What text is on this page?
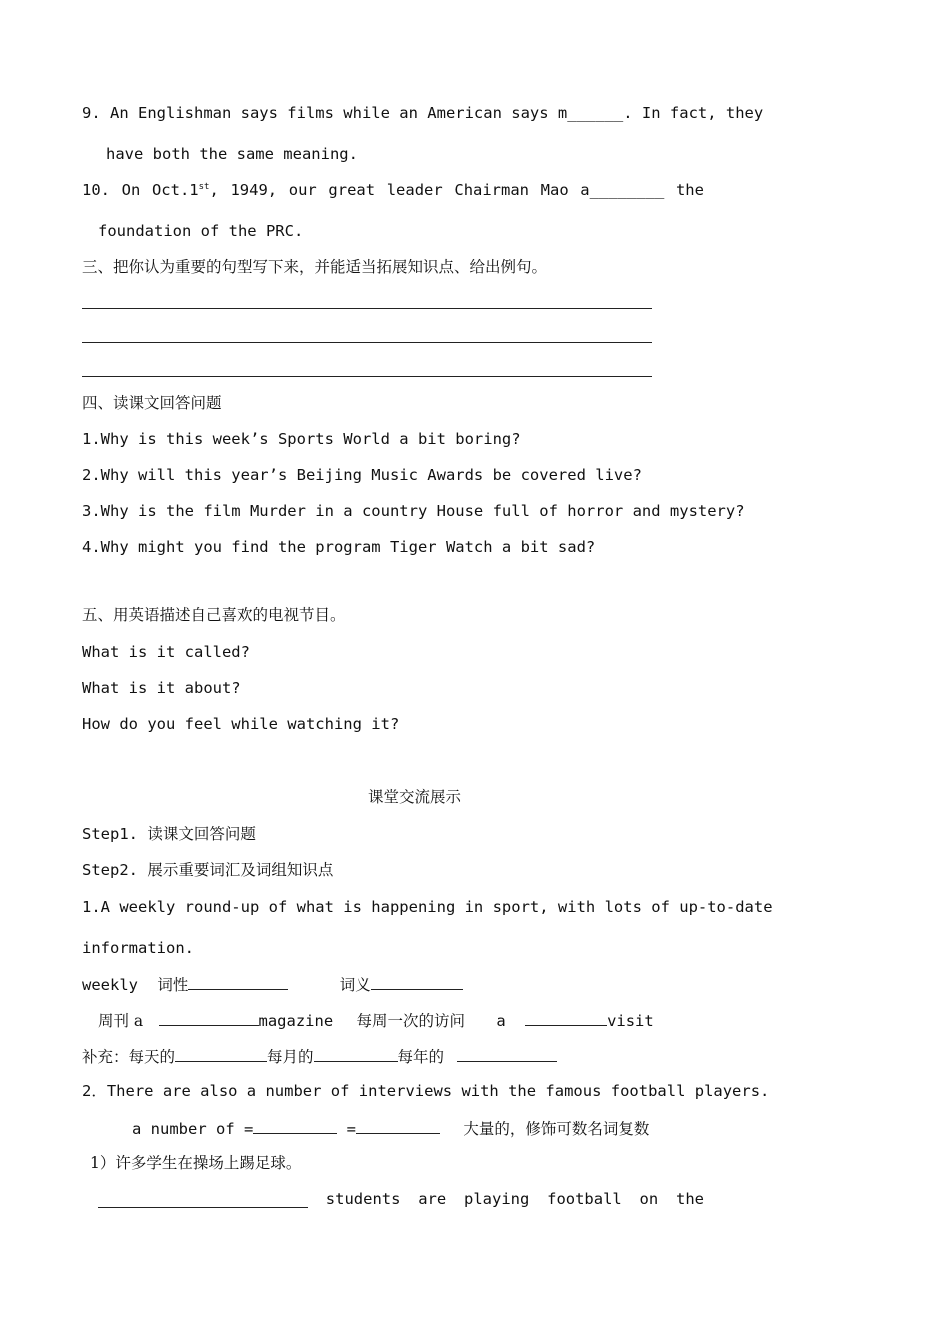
9. An Englishman says films while an American says m______. In fact, they
have both the same meaning.
10. On Oct.1st, 1949, our great leader Chairman Mao a________ the
foundation of the PRC.
三、把你认为重要的句型写下来，并能适当拓展知识点、给出例句。
四、读课文回答问题
1.Why is this week’s Sports World a bit boring?
2.Why will this year’s Beijing Music Awards be covered live?
3.Why is the film Murder in a country House full of horror and mystery?
4.Why might you find the program Tiger Watch a bit sad?
五、用英语描述自己喜欢的电视节目。
What is it called?
What is it about?
How do you feel while watching it?
课堂交流展示
Step1. 读课文回答问题
Step2. 展示重要词汇及词组知识点
1.A weekly round-up of what is happening in sport, with lots of up-to-date
information.
weekly 词性	词义
周刊 a	magazine 每周一次的访问 a	visit
补充：每天的	每月的	每年的
2．There are also a number of interviews with the famous football players.
a number of =	=	大量的，修饰可数名词复数
1）许多学生在操场上踢足球。
students are playing football on the
